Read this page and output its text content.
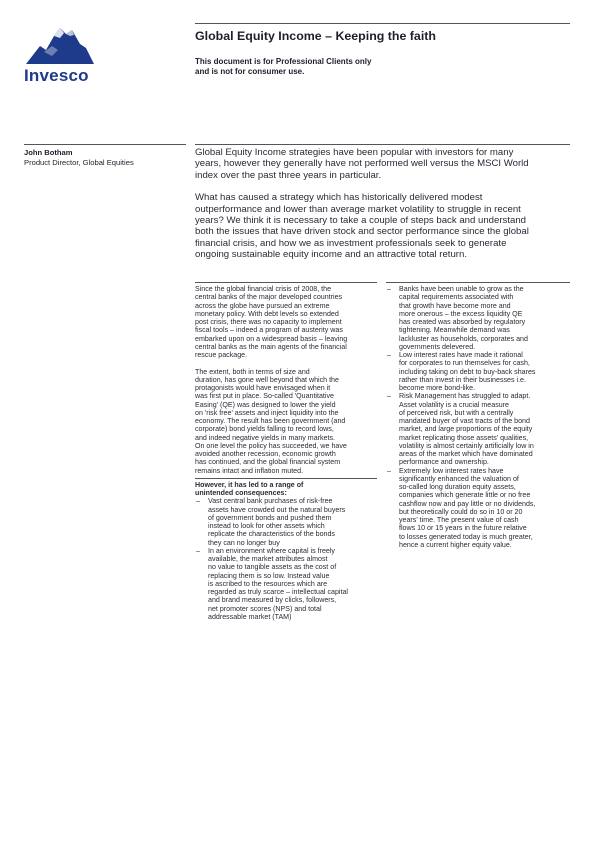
Invesco
Global Equity Income – Keeping the faith
This document is for Professional Clients only
and is not for consumer use.
John Botham
Product Director, Global Equities
Global Equity Income strategies have been popular with investors for many
years, however they generally have not performed well versus the MSCI World
index over the past three years in particular.
What has caused a strategy which has historically delivered modest
outperformance and lower than average market volatility to struggle in recent
years? We think it is necessary to take a couple of steps back and understand
both the issues that have driven stock and sector performance since the global
financial crisis, and how we as investment professionals seek to generate
ongoing sustainable equity income and an attractive total return.
Since the global financial crisis of 2008, the
central banks of the major developed countries
across the globe have pursued an extreme
monetary policy. With debt levels so extended
post crisis, there was no capacity to implement
fiscal tools – indeed a program of austerity was
embarked upon on a widespread basis – leaving
central banks as the main agents of the financial
rescue package.
The extent, both in terms of size and
duration, has gone well beyond that which the
protagonists would have envisaged when it
was first put in place. So-called 'Quantitative
Easing' (QE) was designed to lower the yield
on 'risk free' assets and inject liquidity into the
economy. The result has been government (and
corporate) bond yields falling to record lows,
and indeed negative yields in many markets.
On one level the policy has succeeded, we have
avoided another recession, economic growth
has continued, and the global financial system
remains intact and inflation muted.
However, it has led to a range of
unintended consequences:
– Vast central bank purchases of risk-free
assets have crowded out the natural buyers
of government bonds and pushed them
instead to look for other assets which
replicate the characteristics of the bonds
they can no longer buy
– In an environment where capital is freely
available, the market attributes almost
no value to tangible assets as the cost of
replacing them is so low. Instead value
is ascribed to the resources which are
regarded as truly scarce – intellectual capital
and brand measured by clicks, followers,
net promoter scores (NPS) and total
addressable market (TAM)
– Banks have been unable to grow as the
capital requirements associated with
that growth have become more and
more onerous – the excess liquidity QE
has created was absorbed by regulatory
tightening. Meanwhile demand was
lackluster as households, corporates and
governments delevered.
– Low interest rates have made it rational
for corporates to run themselves for cash,
including taking on debt to buy-back shares
rather than invest in their businesses i.e.
become more bond-like.
– Risk Management has struggled to adapt.
Asset volatility is a crucial measure
of perceived risk, but with a centrally
mandated buyer of vast tracts of the bond
market, and large proportions of the equity
market replicating those assets' qualities,
volatility is almost certainly artificially low in
areas of the market which have dominated
performance and ownership.
– Extremely low interest rates have
significantly enhanced the valuation of
so-called long duration equity assets,
companies which generate little or no free
cashflow now and pay little or no dividends,
but theoretically could do so in 10 or 20
years' time. The present value of cash
flows 10 or 15 years in the future relative
to losses generated today is much greater,
hence a current higher equity value.
